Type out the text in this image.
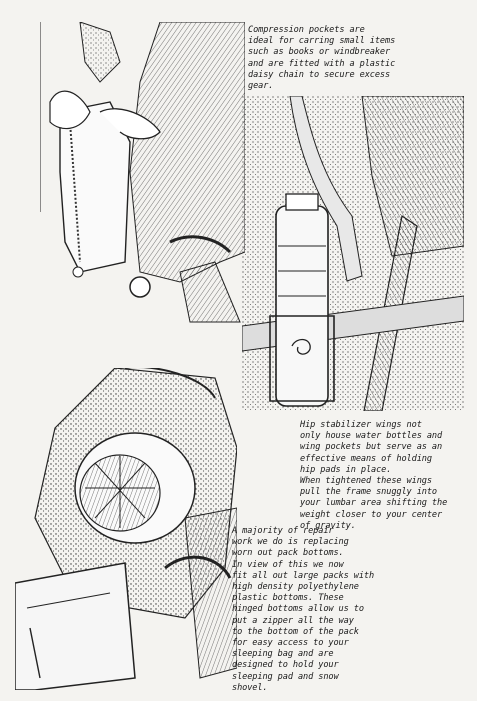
Compression pockets are
ideal for carring small items
such as books or windbreaker
and are fitted with a plastic
daisy chain to secure excess
gear.
Hip stabilizer wings not
only house water bottles and
wing pockets but serve as an
effective means of holding
hip pads in place.
When tightened these wings
pull the frame snuggly into
your lumbar area shifting the
weight closer to your center
of gravity.
A majority of repair
work we do is replacing
worn out pack bottoms.
In view of this we now
fit all out large packs with
high density polyethylene
plastic bottoms. These
hinged bottoms allow us to
put a zipper all the way
to the bottom of the pack
for easy access to your
sleeping bag and are
designed to hold your
sleeping pad and snow
shovel.
